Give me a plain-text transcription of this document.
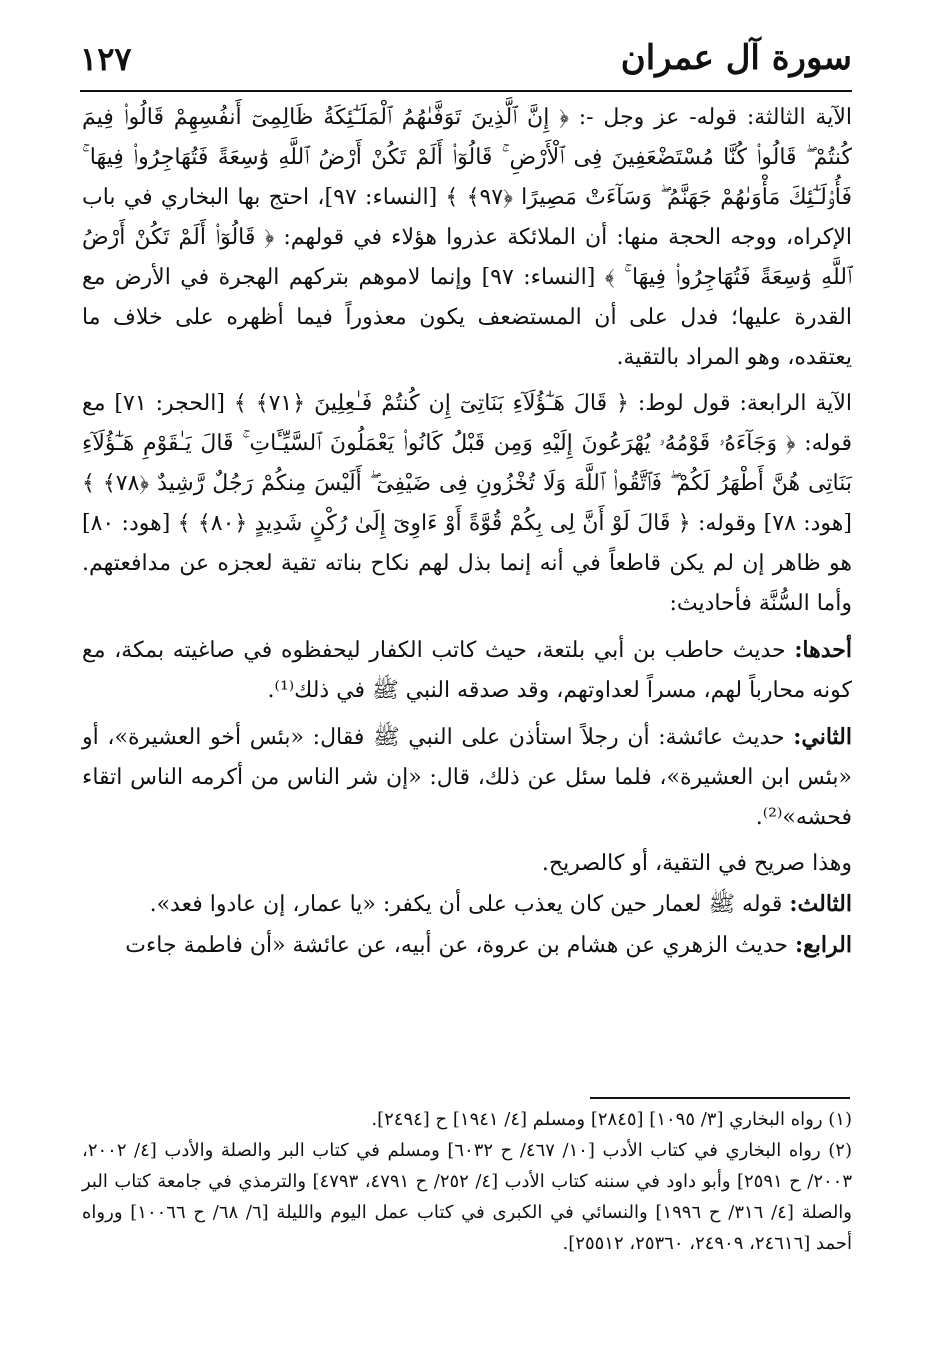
سورة آل عمران
١٢٧

الآية الثالثة: قوله- عز وجل -: ﴿ إِنَّ ٱلَّذِينَ تَوَفَّىٰهُمُ ٱلْمَلَـٰٓئِكَةُ ظَالِمِىٓ أَنفُسِهِمْ قَالُوا۟ فِيمَ كُنتُمْ ۖ قَالُوا۟ كُنَّا مُسْتَضْعَفِينَ فِى ٱلْأَرْضِ ۚ قَالُوٓا۟ أَلَمْ تَكُنْ أَرْضُ ٱللَّهِ وَٰسِعَةً فَتُهَاجِرُوا۟ فِيهَا ۚ فَأُو۟لَـٰٓئِكَ مَأْوَىٰهُمْ جَهَنَّمُ ۖ وَسَآءَتْ مَصِيرًا ﴿٩٧﴾ ﴾ [النساء: ٩٧]، احتج بها البخاري في باب الإكراه، ووجه الحجة منها: أن الملائكة عذروا هؤلاء في قولهم: ﴿ قَالُوٓا۟ أَلَمْ تَكُنْ أَرْضُ ٱللَّهِ وَٰسِعَةً فَتُهَاجِرُوا۟ فِيهَا ۚ ﴾ [النساء: ٩٧] وإنما لاموهم بتركهم الهجرة في الأرض مع القدرة عليها؛ فدل على أن المستضعف يكون معذوراً فيما أظهره على خلاف ما يعتقده، وهو المراد بالتقية.

الآية الرابعة: قول لوط: ﴿ قَالَ هَـٰٓؤُلَآءِ بَنَاتِىٓ إِن كُنتُمْ فَـٰعِلِينَ ﴿٧١﴾ ﴾ [الحجر: ٧١] مع قوله: ﴿ وَجَآءَهُۥ قَوْمُهُۥ يُهْرَعُونَ إِلَيْهِ وَمِن قَبْلُ كَانُوا۟ يَعْمَلُونَ ٱلسَّيِّـَٔاتِ ۚ قَالَ يَـٰقَوْمِ هَـٰٓؤُلَآءِ بَنَاتِى هُنَّ أَطْهَرُ لَكُمْ ۖ فَٱتَّقُوا۟ ٱللَّهَ وَلَا تُخْزُونِ فِى ضَيْفِىٓ ۖ أَلَيْسَ مِنكُمْ رَجُلٌ رَّشِيدٌ ﴿٧٨﴾ ﴾ [هود: ٧٨] وقوله: ﴿ قَالَ لَوْ أَنَّ لِى بِكُمْ قُوَّةً أَوْ ءَاوِىٓ إِلَىٰ رُكْنٍ شَدِيدٍ ﴿٨٠﴾ ﴾ [هود: ٨٠] هو ظاهر إن لم يكن قاطعاً في أنه إنما بذل لهم نكاح بناته تقية لعجزه عن مدافعتهم. وأما السُّنَّة فأحاديث:

أحدها: حديث حاطب بن أبي بلتعة، حيث كاتب الكفار ليحفظوه في صاغيته بمكة، مع كونه محارباً لهم، مسراً لعداوتهم، وقد صدقه النبي ﷺ في ذلك⁽¹⁾.

الثاني: حديث عائشة: أن رجلاً استأذن على النبي ﷺ فقال: «بئس أخو العشيرة»، أو «بئس ابن العشيرة»، فلما سئل عن ذلك، قال: «إن شر الناس من أكرمه الناس اتقاء فحشه»⁽²⁾.

وهذا صريح في التقية، أو كالصريح.

الثالث: قوله ﷺ لعمار حين كان يعذب على أن يكفر: «يا عمار، إن عادوا فعد».

الرابع: حديث الزهري عن هشام بن عروة، عن أبيه، عن عائشة «أن فاطمة جاءت

(١) رواه البخاري [٣/ ١٠٩٥] [٢٨٤٥] ومسلم [٤/ ١٩٤١] ح [٢٤٩٤].

(٢) رواه البخاري في كتاب الأدب [١٠/ ٤٦٧/ ح ٦٠٣٢] ومسلم في كتاب البر والصلة والأدب [٤/ ٢٠٠٢، ٢٠٠٣/ ح ٢٥٩١] وأبو داود في سننه كتاب الأدب [٤/ ٢٥٢/ ح ٤٧٩١، ٤٧٩٣] والترمذي في جامعة كتاب البر والصلة [٤/ ٣١٦/ ح ١٩٩٦] والنسائي في الكبرى في كتاب عمل اليوم والليلة [٦/ ٦٨/ ح ١٠٠٦٦] ورواه أحمد [٢٤٦١٦، ٢٤٩٠٩، ٢٥٣٦٠، ٢٥٥١٢].
